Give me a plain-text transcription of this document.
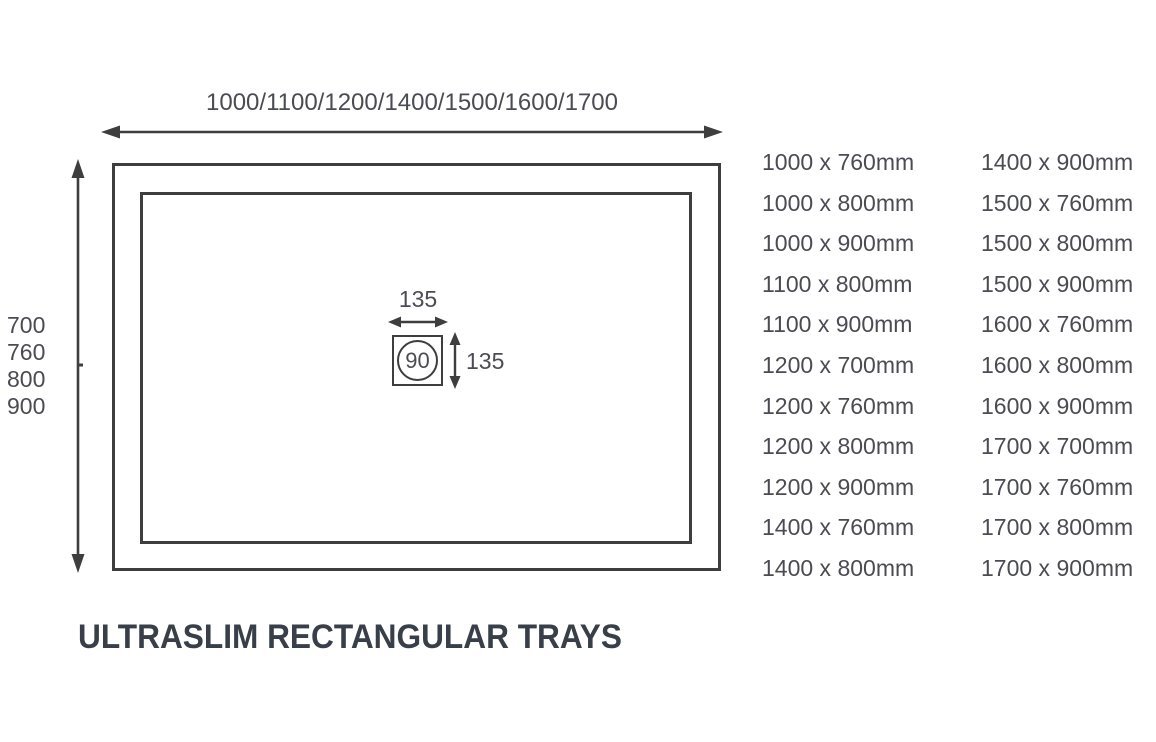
1000/1100/1200/1400/1500/1600/1700
700
760
800
900
135
90 135
1000 x 760mm
1000 x 800mm
1000 x 900mm
1100 x 800mm
1100 x 900mm
1200 x 700mm
1200 x 760mm
1200 x 800mm
1200 x 900mm
1400 x 760mm
1400 x 800mm
1400 x 900mm
1500 x 760mm
1500 x 800mm
1500 x 900mm
1600 x 760mm
1600 x 800mm
1600 x 900mm
1700 x 700mm
1700 x 760mm
1700 x 800mm
1700 x 900mm
ULTRASLIM RECTANGULAR TRAYS
